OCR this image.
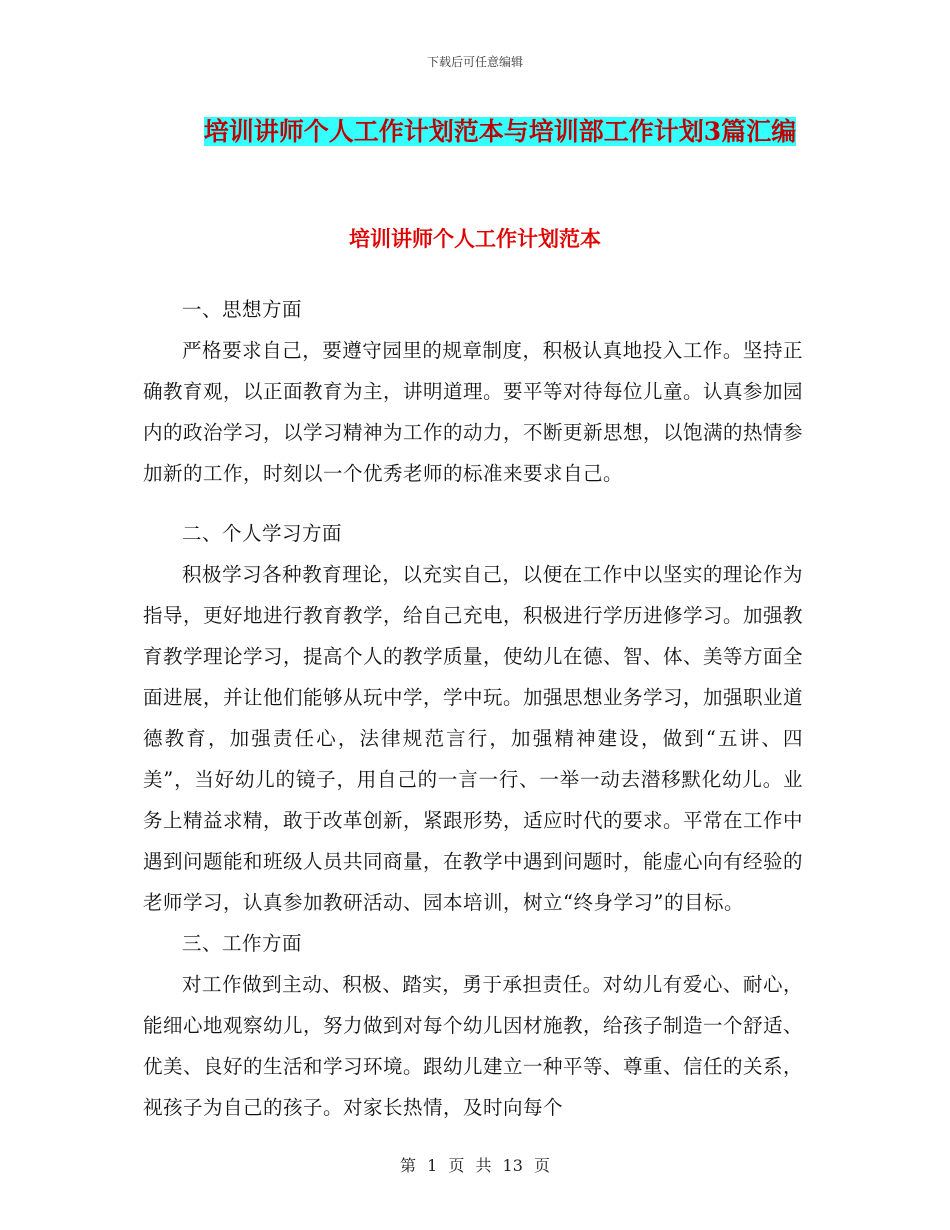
下载后可任意编辑
培训讲师个人工作计划范本与培训部工作计划3篇汇编
培训讲师个人工作计划范本

一、思想方面

严格要求自己，要遵守园里的规章制度，积极认真地投入工作。坚持正确教育观，以正面教育为主，讲明道理。要平等对待每位儿童。认真参加园内的政治学习，以学习精神为工作的动力，不断更新思想，以饱满的热情参加新的工作，时刻以一个优秀老师的标准来要求自己。

二、个人学习方面

积极学习各种教育理论，以充实自己，以便在工作中以坚实的理论作为指导，更好地进行教育教学，给自己充电，积极进行学历进修学习。加强教育教学理论学习，提高个人的教学质量，使幼儿在德、智、体、美等方面全面进展，并让他们能够从玩中学，学中玩。加强思想业务学习，加强职业道德教育，加强责任心，法律规范言行，加强精神建设，做到“五讲、四美”，当好幼儿的镜子，用自己的一言一行、一举一动去潜移默化幼儿。业务上精益求精，敢于改革创新，紧跟形势，适应时代的要求。平常在工作中遇到问题能和班级人员共同商量，在教学中遇到问题时，能虚心向有经验的老师学习，认真参加教研活动、园本培训，树立“终身学习”的目标。

三、工作方面

对工作做到主动、积极、踏实，勇于承担责任。对幼儿有爱心、耐心，能细心地观察幼儿，努力做到对每个幼儿因材施教，给孩子制造一个舒适、优美、良好的生活和学习环境。跟幼儿建立一种平等、尊重、信任的关系，视孩子为自己的孩子。对家长热情，及时向每个

第 1 页 共 13 页
